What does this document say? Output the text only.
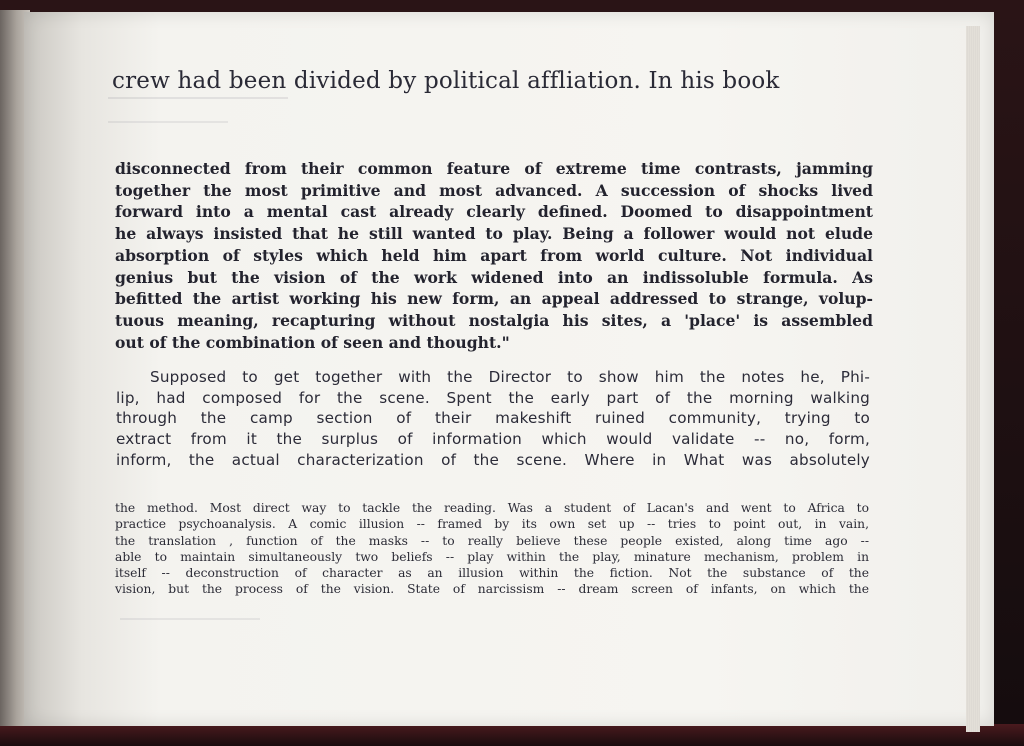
crew had been divided by political affliation. In his book
disconnected from their common feature of extreme time contrasts, jamming
together the most primitive and most advanced. A succession of shocks lived
forward into a mental cast already clearly defined. Doomed to disappointment
he always insisted that he still wanted to play. Being a follower would not elude
absorption of styles which held him apart from world culture. Not individual
genius but the vision of the work widened into an indissoluble formula. As
befitted the artist working his new form, an appeal addressed to strange, volup-
tuous meaning, recapturing without nostalgia his sites, a 'place' is assembled
out of the combination of seen and thought."
Supposed to get together with the Director to show him the notes he, Phi-
lip, had composed for the scene. Spent the early part of the morning walking
through the camp section of their makeshift ruined community, trying to
extract from it the surplus of information which would validate -- no, form,
inform, the actual characterization of the scene. Where in What was absolutely
the method. Most direct way to tackle the reading. Was a student of Lacan's and went to Africa to
practice psychoanalysis. A comic illusion -- framed by its own set up -- tries to point out, in vain,
the translation , function of the masks -- to really believe these people existed, along time ago --
able to maintain simultaneously two beliefs -- play within the play, minature mechanism, problem in
itself -- deconstruction of character as an illusion within the fiction. Not the substance of the
vision, but the process of the vision. State of narcissism -- dream screen of infants, on which the
